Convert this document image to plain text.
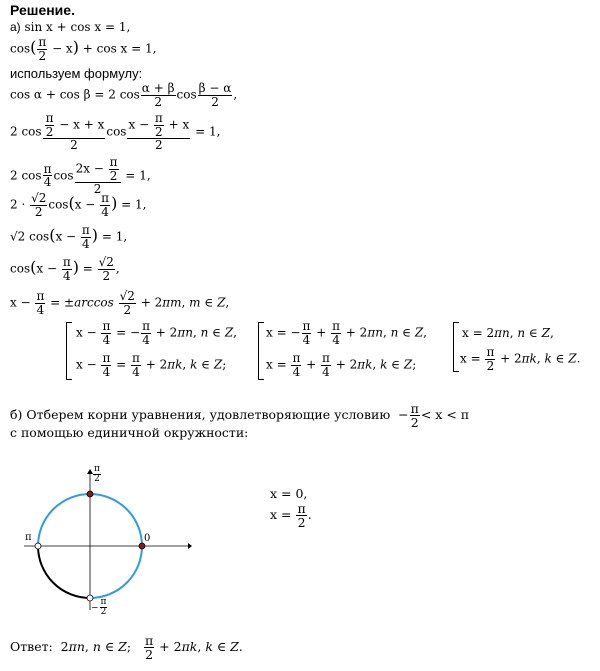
Решение.
а) sin x + cos x = 1,
$\cos( \frac{\pi}{2} - x) + \cos x = 1$,
используем формулу:
cos α + cos β = 2 $\cos \frac{\alpha + \beta}{2}$ $\cos \frac{\beta - \alpha}{2}$ ,
2 $\cos \frac{\frac{\pi}{2} - x + x}{2}$ $\cos \frac{x - \frac{\pi}{2} + x}{2} = 1$,
2 $\cos \frac{\pi}{4}$ $\cos \frac{2x - \frac{\pi}{2}}{2} = 1$,
$2 \cdot \frac{√2}{2} \cos(x - \frac{\pi}{4}$ ) = 1,
√2 $\cos(x - \frac{\pi}{4}$ ) = 1,
$\cos(x - \frac{\pi}{4}$ ) = $\frac{√2}{2}$ ,
$x - \frac{\pi}{4} = \pm\arccos \frac{√2}{2} + 2\pi m$, m ∈ Z,
$x - \frac{\pi}{4}$ = − $\frac{\pi}{4} + 2\pi n$, n ∈ Z,
$x - \frac{\pi}{4} = \frac{\pi}{4} + 2\pi k$, k ∈ Z;
x = − $\frac{\pi}{4} + \frac{\pi}{4} + 2\pi n$, n ∈ Z,
$x = \frac{\pi}{4} + \frac{\pi}{4} + 2\pi k$, k ∈ Z;
x = 2πn, n ∈ Z,
$x = \frac{\pi}{2} + 2\pi k$, k ∈ Z.
б) Отберем корни уравнения, удовлетворяющие условию  − $\frac{\pi}{2} < x < \pi$
с помощью единичной окружности:
π	0
$\frac{\pi}{2}$
− $\frac{\pi}{2}$
x = 0,
$x = \frac{\pi}{2}$ .
Ответ:  2πn, n ∈ Z; $\frac{\pi}{2} + 2\pi k$, k ∈ Z.
